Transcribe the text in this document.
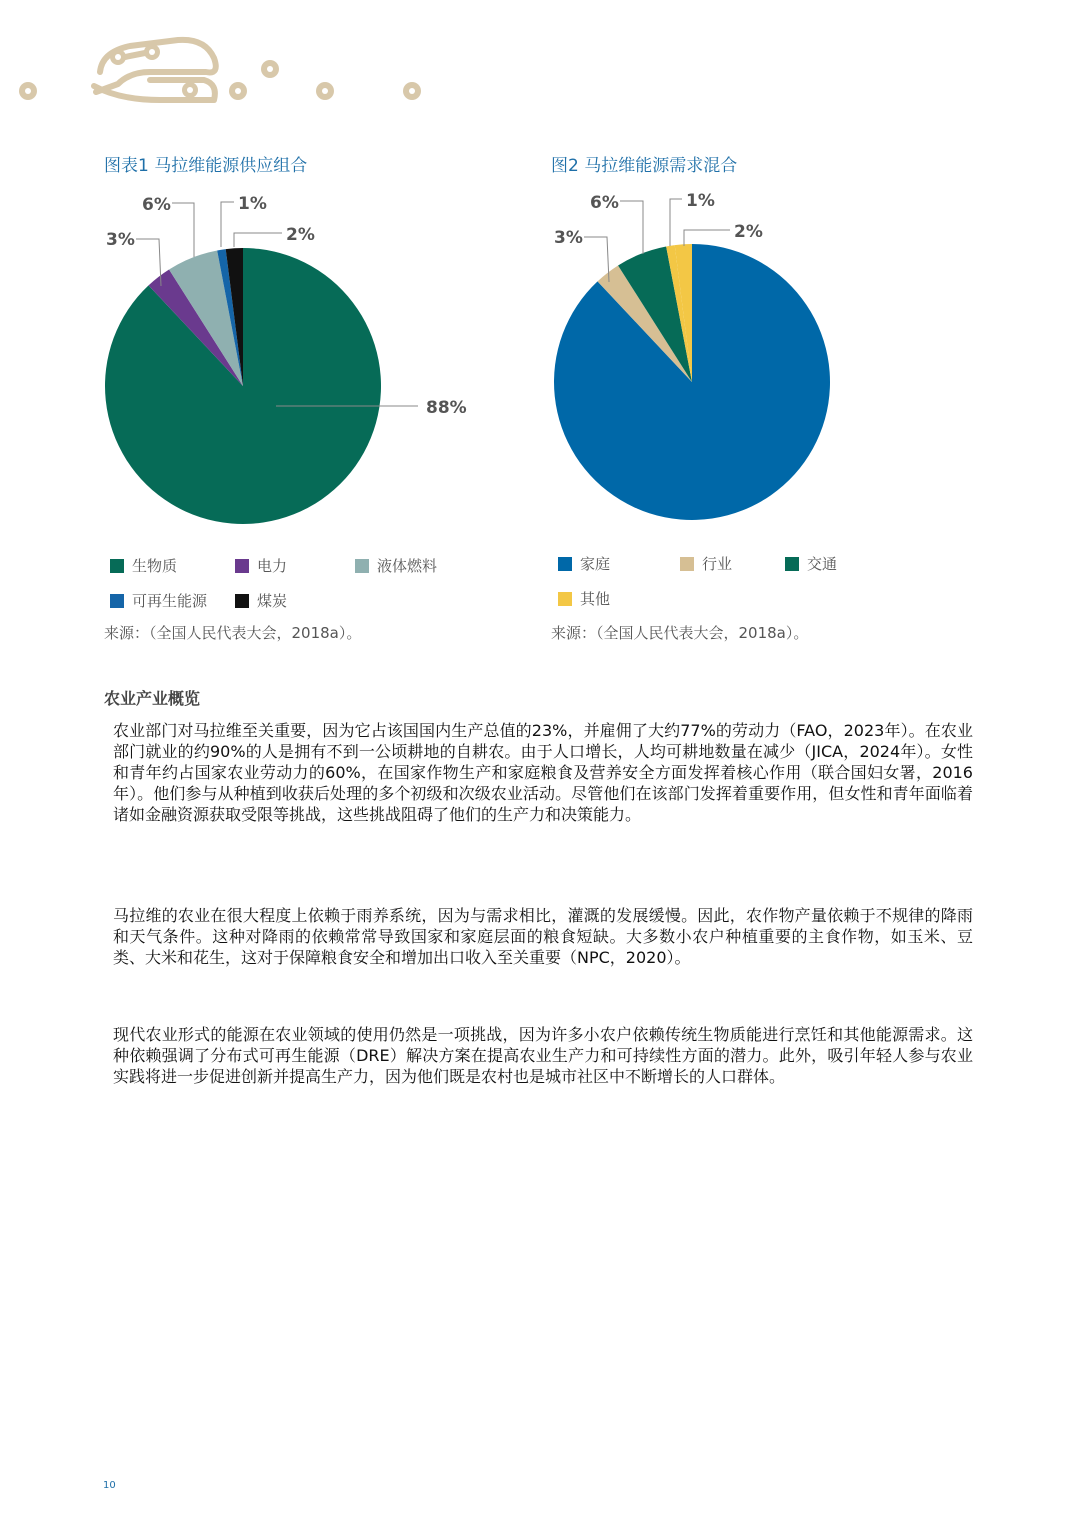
图表1 马拉维能源供应组合
88%
3%
6%	1%
2%
生物质	电力	液体燃料
可再生能源	煤炭
来源：（全国人民代表大会，2018a）。
图2 马拉维能源需求混合
3%
6%	1%
2%
家庭	行业	交通
其他
来源：（全国人民代表大会，2018a）。
农业产业概览
农业部门对马拉维至关重要，因为它占该国国内生产总值的23%，并雇佣了大约77%的劳动力（FAO，2023年）。在农业部门就业的约90%的人是拥有不到一公顷耕地的自耕农。由于人口增长，人均可耕地数量在减少（JICA，2024年）。女性和青年约占国家农业劳动力的60%，在国家作物生产和家庭粮食及营养安全方面发挥着核心作用（联合国妇女署，2016年）。他们参与从种植到收获后处理的多个初级和次级农业活动。尽管他们在该部门发挥着重要作用，但女性和青年面临着诸如金融资源获取受限等挑战，这些挑战阻碍了他们的生产力和决策能力。
马拉维的农业在很大程度上依赖于雨养系统，因为与需求相比，灌溉的发展缓慢。因此，农作物产量依赖于不规律的降雨和天气条件。这种对降雨的依赖常常导致国家和家庭层面的粮食短缺。大多数小农户种植重要的主食作物，如玉米、豆类、大米和花生，这对于保障粮食安全和增加出口收入至关重要（NPC，2020）。
现代农业形式的能源在农业领域的使用仍然是一项挑战，因为许多小农户依赖传统生物质能进行烹饪和其他能源需求。这种依赖强调了分布式可再生能源（DRE）解决方案在提高农业生产力和可持续性方面的潜力。此外，吸引年轻人参与农业实践将进一步促进创新并提高生产力，因为他们既是农村也是城市社区中不断增长的人口群体。
10
